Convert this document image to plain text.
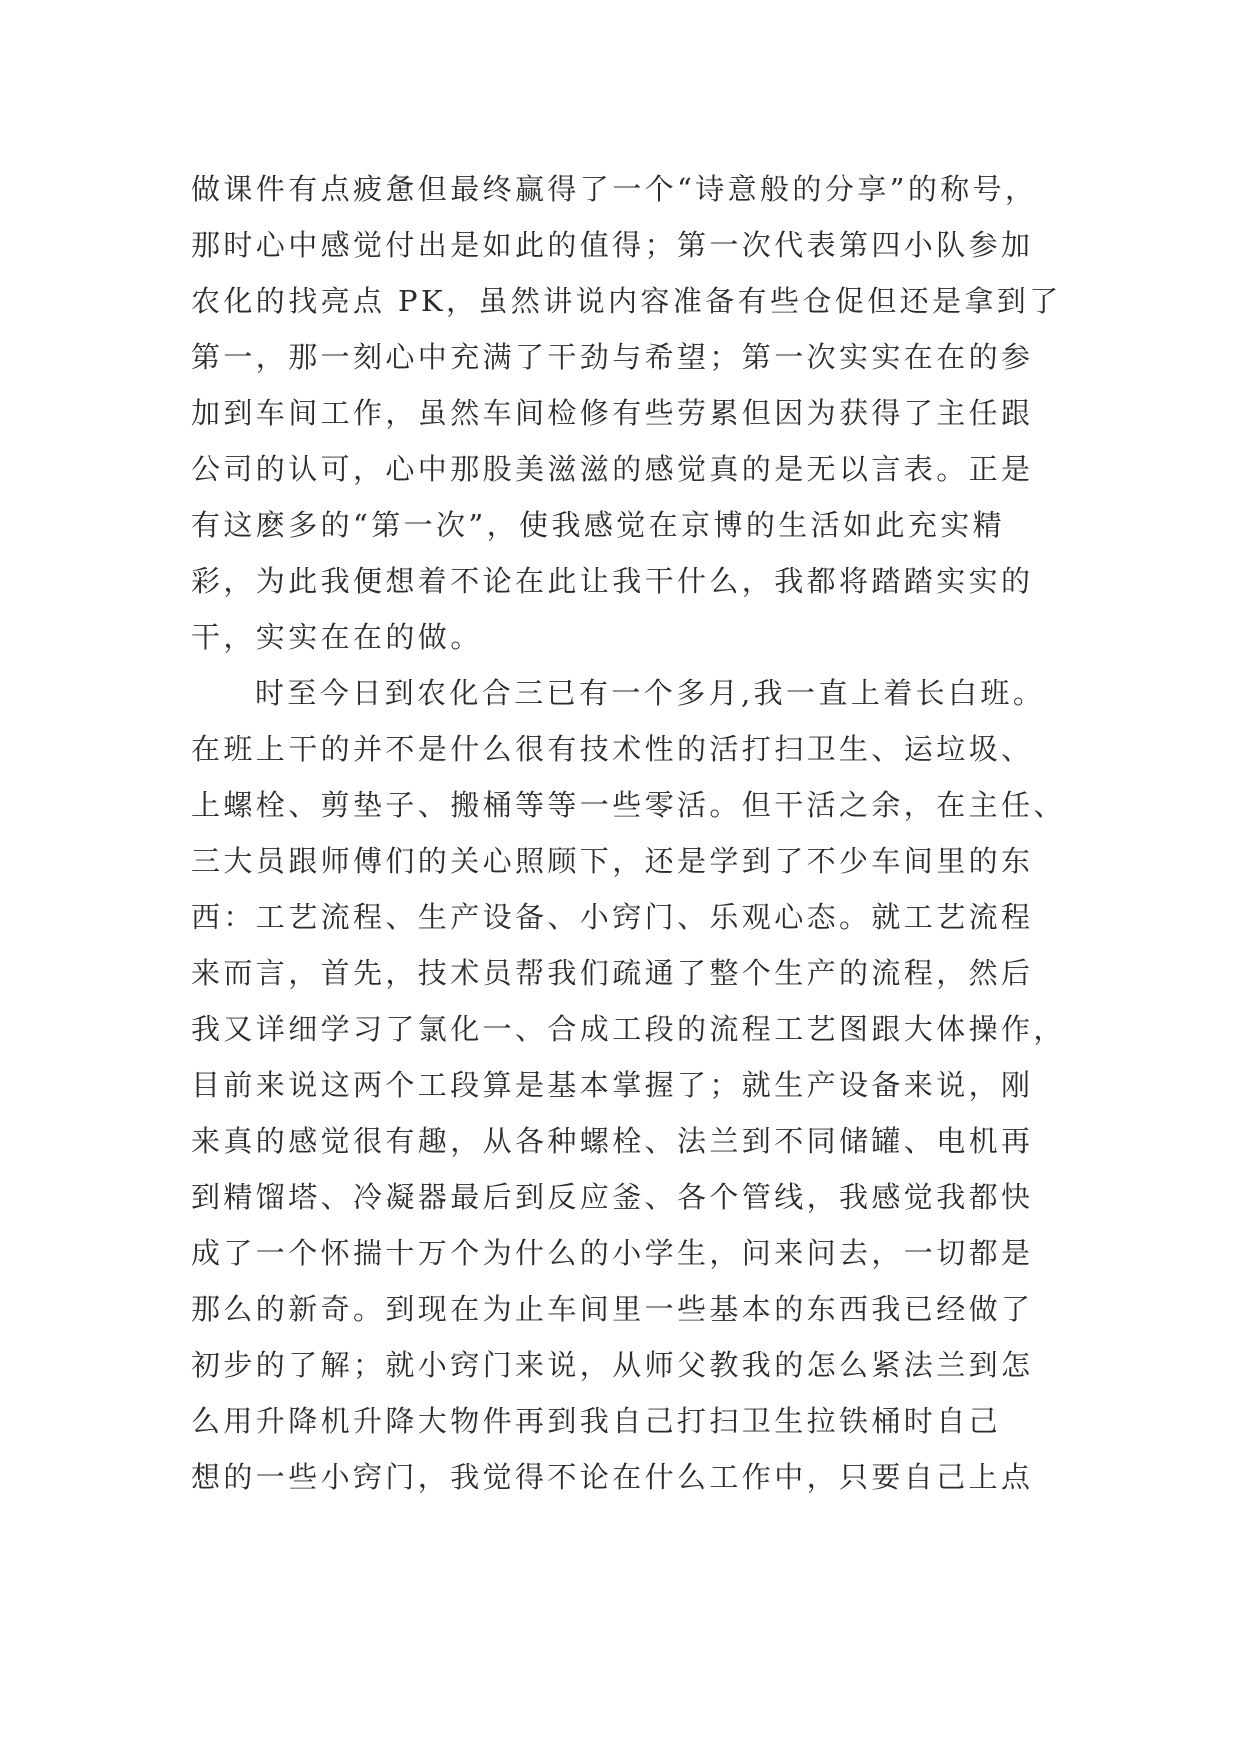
做课件有点疲惫但最终赢得了一个“诗意般的分享”的称号，
那时心中感觉付出是如此的值得；第一次代表第四小队参加
农化的找亮点 PK，虽然讲说内容准备有些仓促但还是拿到了
第一，那一刻心中充满了干劲与希望；第一次实实在在的参
加到车间工作，虽然车间检修有些劳累但因为获得了主任跟
公司的认可，心中那股美滋滋的感觉真的是无以言表。正是
有这麽多的“第一次”，使我感觉在京博的生活如此充实精
彩，为此我便想着不论在此让我干什么，我都将踏踏实实的
干，实实在在的做。
时至今日到农化合三已有一个多月,我一直上着长白班。
在班上干的并不是什么很有技术性的活打扫卫生、运垃圾、
上螺栓、剪垫子、搬桶等等一些零活。但干活之余，在主任、
三大员跟师傅们的关心照顾下，还是学到了不少车间里的东
西：工艺流程、生产设备、小窍门、乐观心态。就工艺流程
来而言，首先，技术员帮我们疏通了整个生产的流程，然后
我又详细学习了氯化一、合成工段的流程工艺图跟大体操作，
目前来说这两个工段算是基本掌握了；就生产设备来说，刚
来真的感觉很有趣，从各种螺栓、法兰到不同储罐、电机再
到精馏塔、冷凝器最后到反应釜、各个管线，我感觉我都快
成了一个怀揣十万个为什么的小学生，问来问去，一切都是
那么的新奇。到现在为止车间里一些基本的东西我已经做了
初步的了解；就小窍门来说，从师父教我的怎么紧法兰到怎
么用升降机升降大物件再到我自己打扫卫生拉铁桶时自己
想的一些小窍门，我觉得不论在什么工作中，只要自己上点
